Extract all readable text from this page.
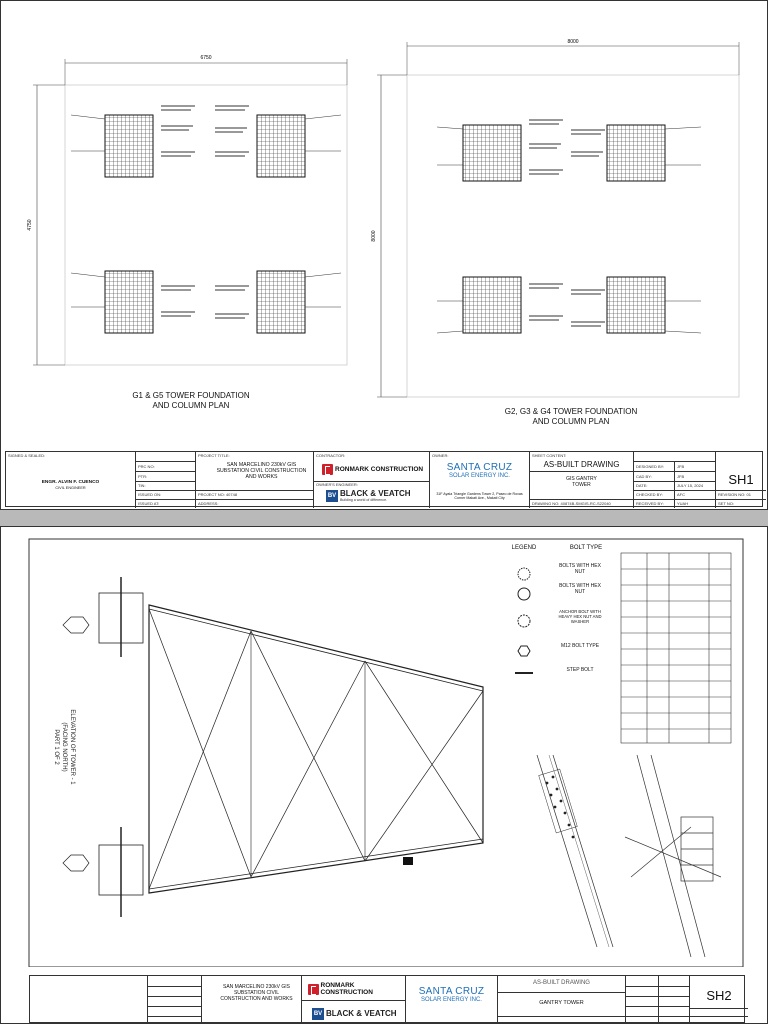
6750
4750
8000
8000
G1 & G5 TOWER FOUNDATION
AND COLUMN PLAN
G2, G3 & G4 TOWER FOUNDATION
AND COLUMN PLAN
SIGNED & SEALED:
ENGR. ALVIN F. CUENCO
CIVIL ENGINEER
PRC NO:
PTR:
TIN:
ISSUED ON:
ISSUED AT:
PROJECT TITLE:
SAN MARCELINO 230kV GIS SUBSTATION CIVIL CONSTRUCTION AND WORKS
PROJECT NO: 40748
ADDRESS:
CONTRACTOR:
RONMARK CONSTRUCTION
OWNER'S ENGINEER:
BV BLACK & VEATCH
Building a world of difference.
OWNER:
SANTA CRUZ
SOLAR ENERGY INC.
31F Ayala Triangle Gardens Tower 2, Paseo de Roxas Corner Makati Ave., Makati City
SHEET CONTENT:
AS-BUILT DRAWING
GIS GANTRY TOWER
DRAWING NO: 40874B-SMGIS-RC-S22040
DESIGNED BY:	JFB
CAD BY:	JFB
DATE:	JULY 15, 2024
CHECKED BY:	AFC
RECEIVED BY:	YUAH
SH1
REVISION NO: 01
SET NO:
ELEVATION OF TOWER - 1
(FACING NORTH)
PART 1 OF 2
LEGEND	BOLT TYPE
BOLTS WITH HEX NUT
BOLTS WITH HEX NUT
ANCHOR BOLT WITH HEAVY HEX NUT AND WASHER
M12 BOLT TYPE
STEP BOLT
SAN MARCELINO 230kV GIS SUBSTATION CIVIL CONSTRUCTION AND WORKS
RONMARK CONSTRUCTION
BV BLACK & VEATCH
SANTA CRUZ
SOLAR ENERGY INC.
AS-BUILT DRAWING
GANTRY TOWER	SH2
